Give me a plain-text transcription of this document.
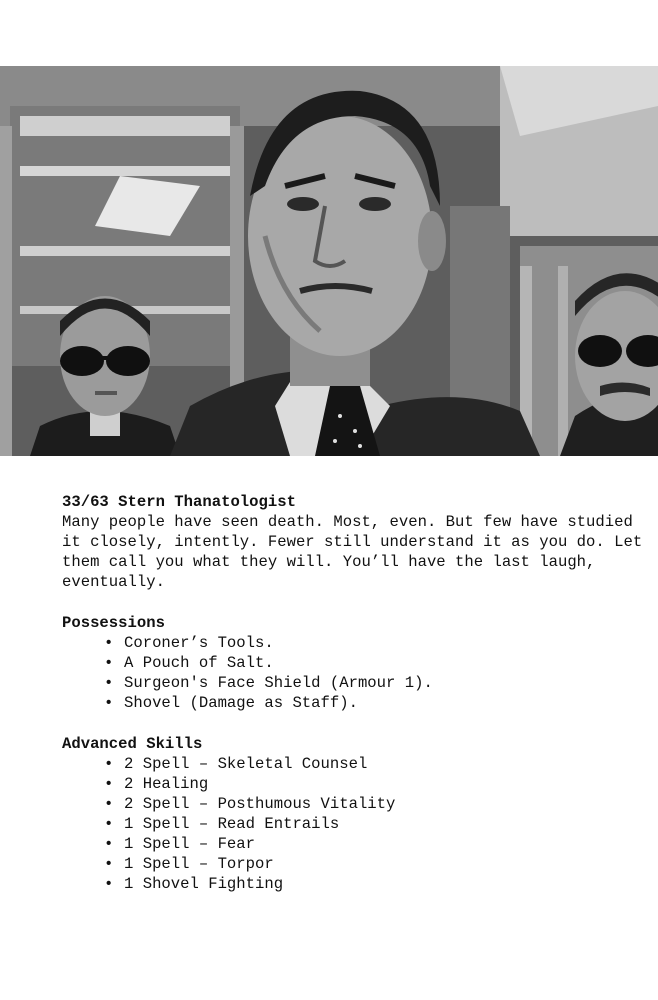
33/63 Stern Thanatologist

Many people have seen death. Most, even. But few have studied it closely, intently. Fewer still understand it as you do. Let them call you what they will. You’ll have the last laugh, eventually.

Possessions

• Coroner’s Tools.
• A Pouch of Salt.
• Surgeon's Face Shield (Armour 1).
• Shovel (Damage as Staff).

Advanced Skills

• 2 Spell – Skeletal Counsel
• 2 Healing
• 2 Spell – Posthumous Vitality
• 1 Spell – Read Entrails
• 1 Spell – Fear
• 1 Spell – Torpor
• 1 Shovel Fighting
